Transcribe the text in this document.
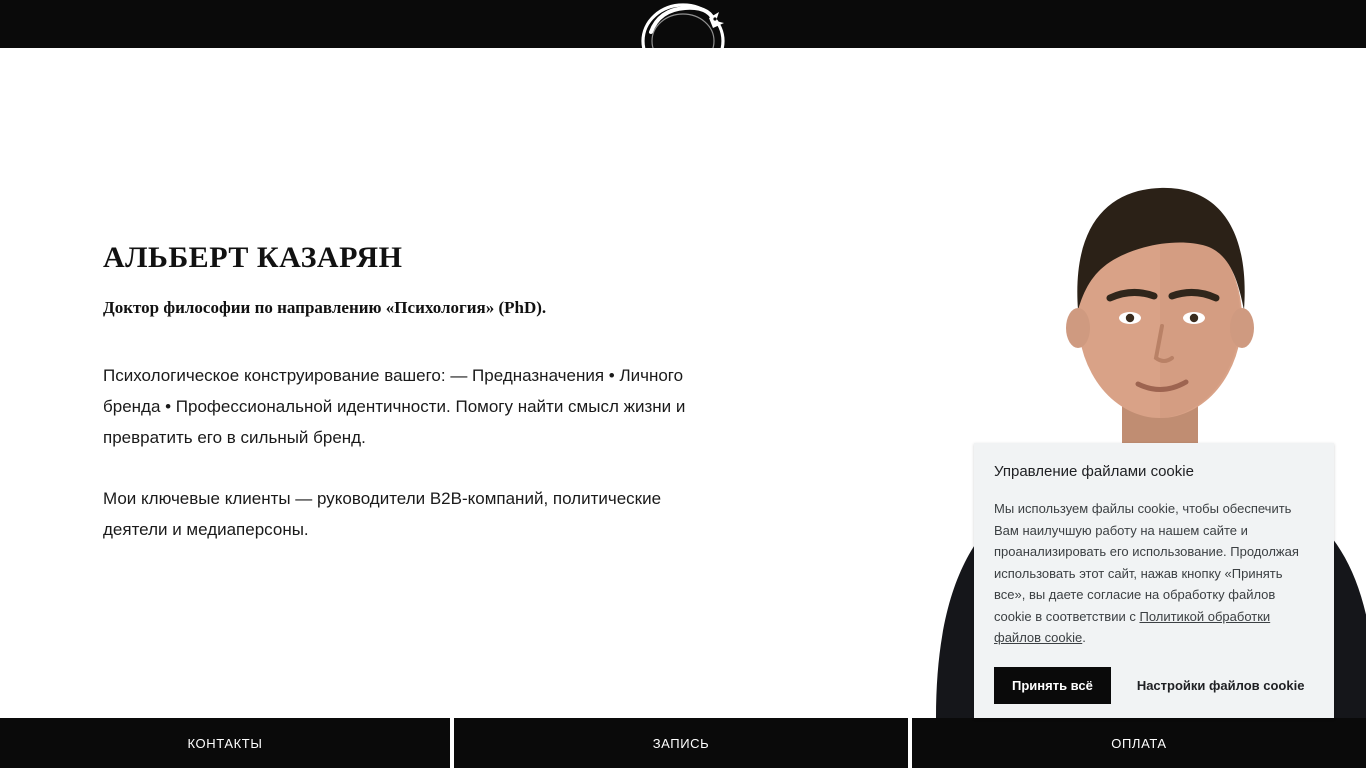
АЛЬБЕРТ КАЗАРЯН
Доктор философии по направлению «Психология» (PhD).

Психологическое конструирование вашего: — Предназначения • Личного бренда • Профессиональной идентичности. Помогу найти смысл жизни и превратить его в сильный бренд.

Мои ключевые клиенты — руководители B2B-компаний, политические деятели и медиаперсоны.

КОНТАКТЫ	ЗАПИСЬ	ОПЛАТА
Управление файлами cookie
Мы используем файлы cookie, чтобы обеспечить Вам наилучшую работу на нашем сайте и проанализировать его использование. Продолжая использовать этот сайт, нажав кнопку «Принять все», вы даете согласие на обработку файлов cookie в соответствии с Политикой обработки файлов cookie.
Принять всё	Настройки файлов cookie
